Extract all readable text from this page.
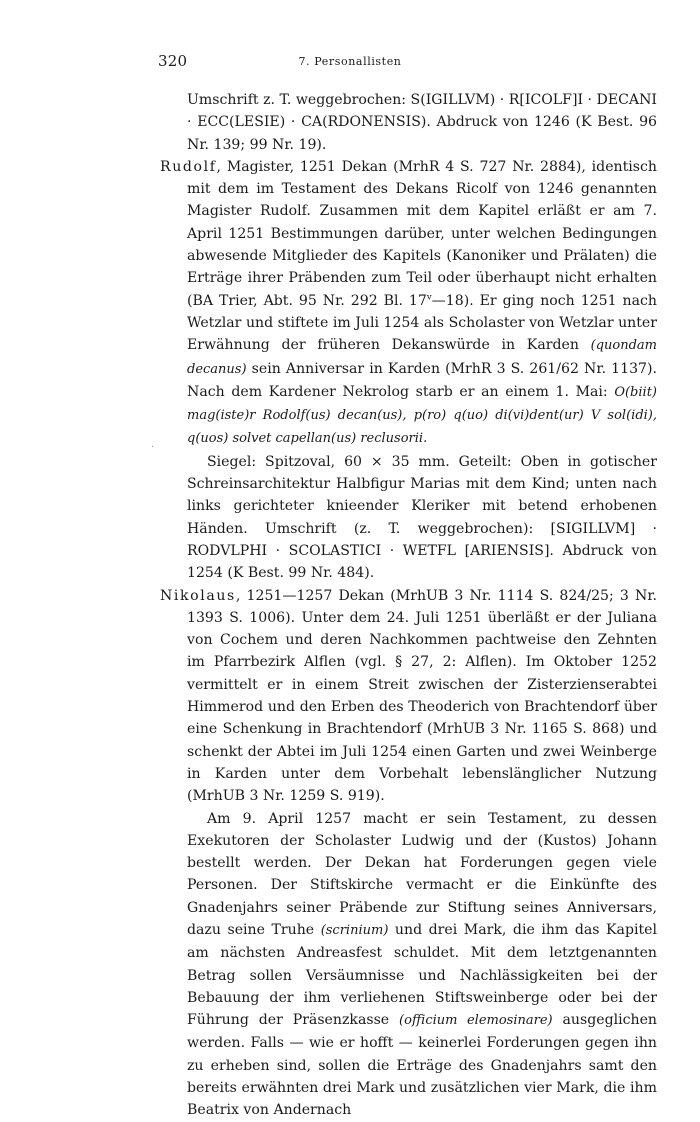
320	7. Personallisten
·

Umschrift z. T. weggebrochen: S(IGILLVM) · R[ICOLF]I · DECANI · ECC(LESIE) · CA(RDONENSIS). Abdruck von 1246 (K Best. 96 Nr. 139; 99 Nr. 19).

Rudolf, Magister, 1251 Dekan (MrhR 4 S. 727 Nr. 2884), identisch mit dem im Testament des Dekans Ricolf von 1246 genannten Magister Rudolf. Zusammen mit dem Kapitel erläßt er am 7. April 1251 Bestimmungen darüber, unter welchen Bedingungen abwesende Mitglieder des Kapitels (Kanoniker und Prälaten) die Erträge ihrer Präbenden zum Teil oder überhaupt nicht erhalten (BA Trier, Abt. 95 Nr. 292 Bl. 17$^v$—18). Er ging noch 1251 nach Wetzlar und stiftete im Juli 1254 als Scholaster von Wetzlar unter Erwähnung der früheren Dekanswürde in Karden (quondam decanus) sein Anniversar in Karden (MrhR 3 S. 261/62 Nr. 1137). Nach dem Kardener Nekrolog starb er an einem 1. Mai: O(biit) mag(iste)r Rodolf(us) decan(us), p(ro) q(uo) di(vi)dent(ur) V sol(idi), q(uos) solvet capellan(us) reclusorii.

Siegel: Spitzoval, 60 × 35 mm. Geteilt: Oben in gotischer Schreinsarchitektur Halbfigur Marias mit dem Kind; unten nach links gerichteter knieender Kleriker mit betend erhobenen Händen. Umschrift (z. T. weggebrochen): [SIGILLVM] · RODVLPHI · SCOLASTICI · WETFL [ARIENSIS]. Abdruck von 1254 (K Best. 99 Nr. 484).

Nikolaus, 1251—1257 Dekan (MrhUB 3 Nr. 1114 S. 824/25; 3 Nr. 1393 S. 1006). Unter dem 24. Juli 1251 überläßt er der Juliana von Cochem und deren Nachkommen pachtweise den Zehnten im Pfarrbezirk Alflen (vgl. § 27, 2: Alflen). Im Oktober 1252 vermittelt er in einem Streit zwischen der Zisterzienserabtei Himmerod und den Erben des Theoderich von Brachtendorf über eine Schenkung in Brachtendorf (MrhUB 3 Nr. 1165 S. 868) und schenkt der Abtei im Juli 1254 einen Garten und zwei Weinberge in Karden unter dem Vorbehalt lebenslänglicher Nutzung (MrhUB 3 Nr. 1259 S. 919).

Am 9. April 1257 macht er sein Testament, zu dessen Exekutoren der Scholaster Ludwig und der (Kustos) Johann bestellt werden. Der Dekan hat Forderungen gegen viele Personen. Der Stiftskirche vermacht er die Einkünfte des Gnadenjahrs seiner Präbende zur Stiftung seines Anniversars, dazu seine Truhe (scrinium) und drei Mark, die ihm das Kapitel am nächsten Andreasfest schuldet. Mit dem letztgenannten Betrag sollen Versäumnisse und Nachlässigkeiten bei der Bebauung der ihm verliehenen Stiftsweinberge oder bei der Führung der Präsenzkasse (officium elemosinare) ausgeglichen werden. Falls — wie er hofft — keinerlei Forderungen gegen ihn zu erheben sind, sollen die Erträge des Gnadenjahrs samt den bereits erwähnten drei Mark und zusätzlichen vier Mark, die ihm Beatrix von Andernach
